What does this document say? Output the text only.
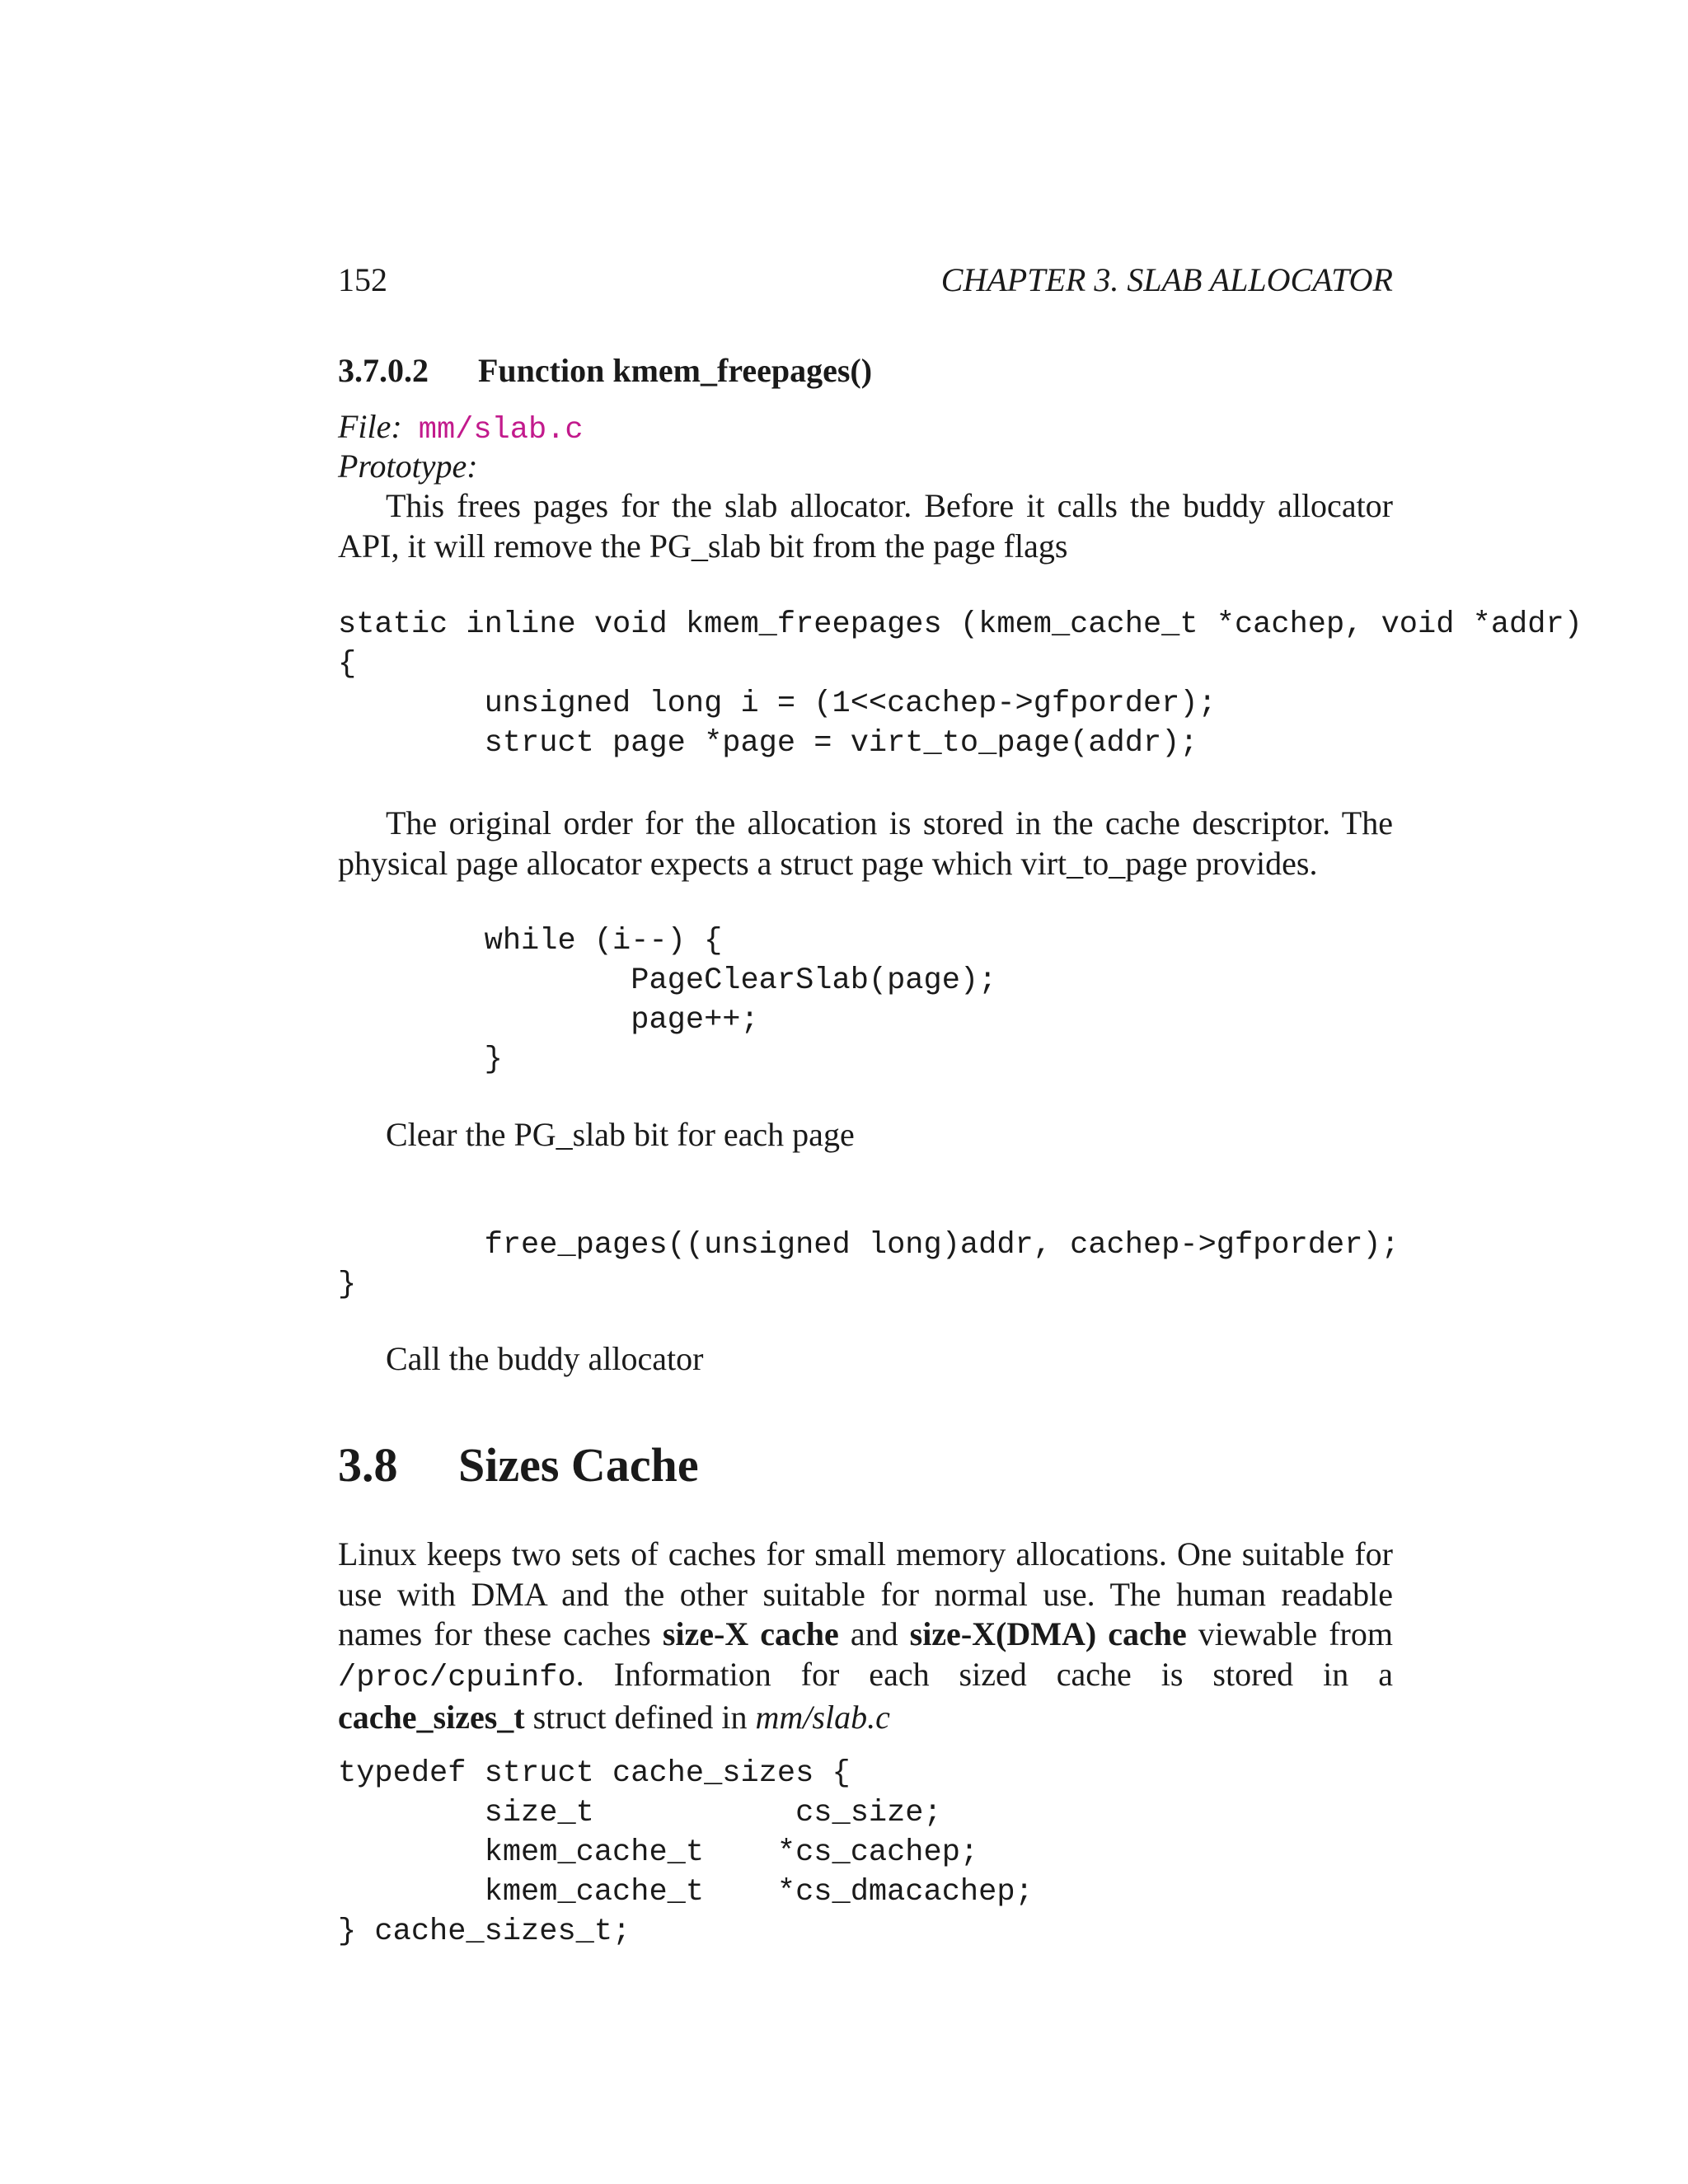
152	CHAPTER 3. SLAB ALLOCATOR
3.7.0.2 Function kmem_freepages()
File: mm/slab.c
Prototype:
This frees pages for the slab allocator. Before it calls the buddy allocator API, it will remove the PG_slab bit from the page flags
static inline void kmem_freepages (kmem_cache_t *cachep, void *addr)
{
unsigned long i = (1<<cachep->gfporder);
struct page *page = virt_to_page(addr);
The original order for the allocation is stored in the cache descriptor. The physical page allocator expects a struct page which virt_to_page provides.
while (i--) {
PageClearSlab(page);
page++;
}
Clear the PG_slab bit for each page
free_pages((unsigned long)addr, cachep->gfporder);
}
Call the buddy allocator
3.8 Sizes Cache
Linux keeps two sets of caches for small memory allocations. One suitable for use with DMA and the other suitable for normal use. The human readable names for these caches size-X cache and size-X(DMA) cache viewable from /proc/cpuinfo. Information for each sized cache is stored in a cache_sizes_t struct defined in mm/slab.c
typedef struct cache_sizes {
size_t           cs_size;
kmem_cache_t    *cs_cachep;
kmem_cache_t    *cs_dmacachep;
} cache_sizes_t;
